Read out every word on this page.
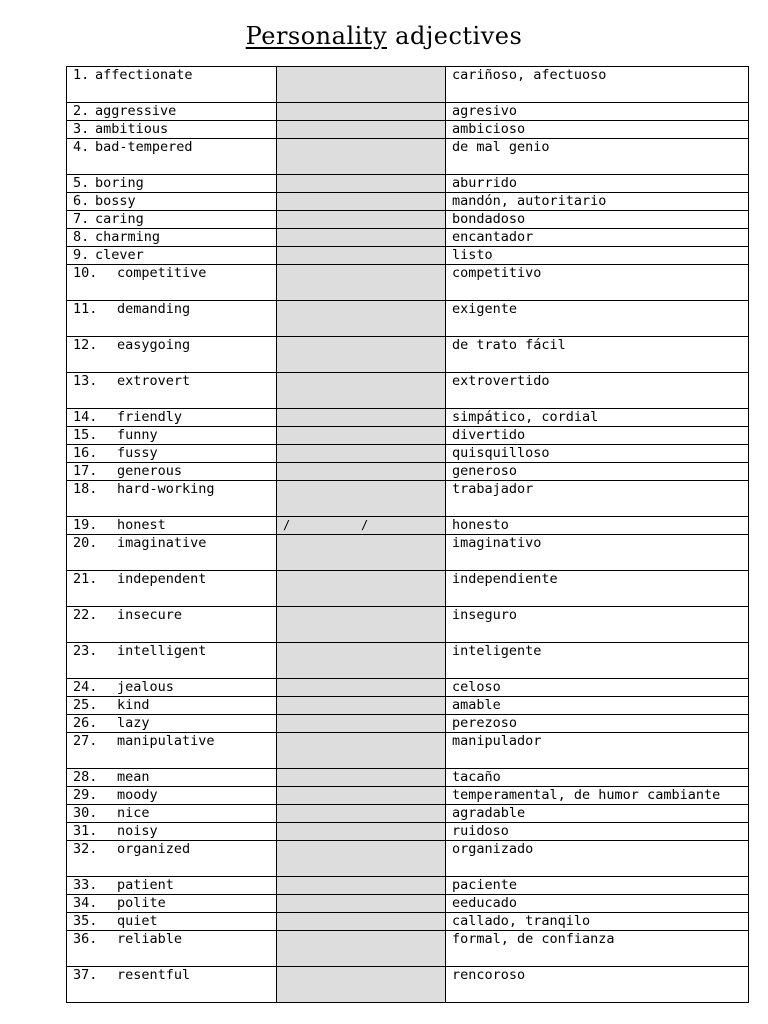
Personality adjectives
1. affectionate		cariñoso, afectuoso
2. aggressive		agresivo
3. ambitious		ambicioso
4. bad-tempered		de mal genio
5. boring		aburrido
6. bossy		mandón, autoritario
7. caring		bondadoso
8. charming		encantador
9. clever		listo
10. competitive		competitivo
11. demanding		exigente
12. easygoing		de trato fácil
13. extrovert		extrovertido
14. friendly		simpático, cordial
15. funny		divertido
16. fussy		quisquilloso
17. generous		generoso
18. hard-working		trabajador
19. honest	/ /	honesto
20. imaginative		imaginativo
21. independent		independiente
22. insecure		inseguro
23. intelligent		inteligente
24. jealous		celoso
25. kind		amable
26. lazy		perezoso
27. manipulative		manipulador
28. mean		tacaño
29. moody		temperamental, de humor cambiante
30. nice		agradable
31. noisy		ruidoso
32. organized		organizado
33. patient		paciente
34. polite		eeducado
35. quiet		callado, tranqilo
36. reliable		formal, de confianza
37. resentful		rencoroso
